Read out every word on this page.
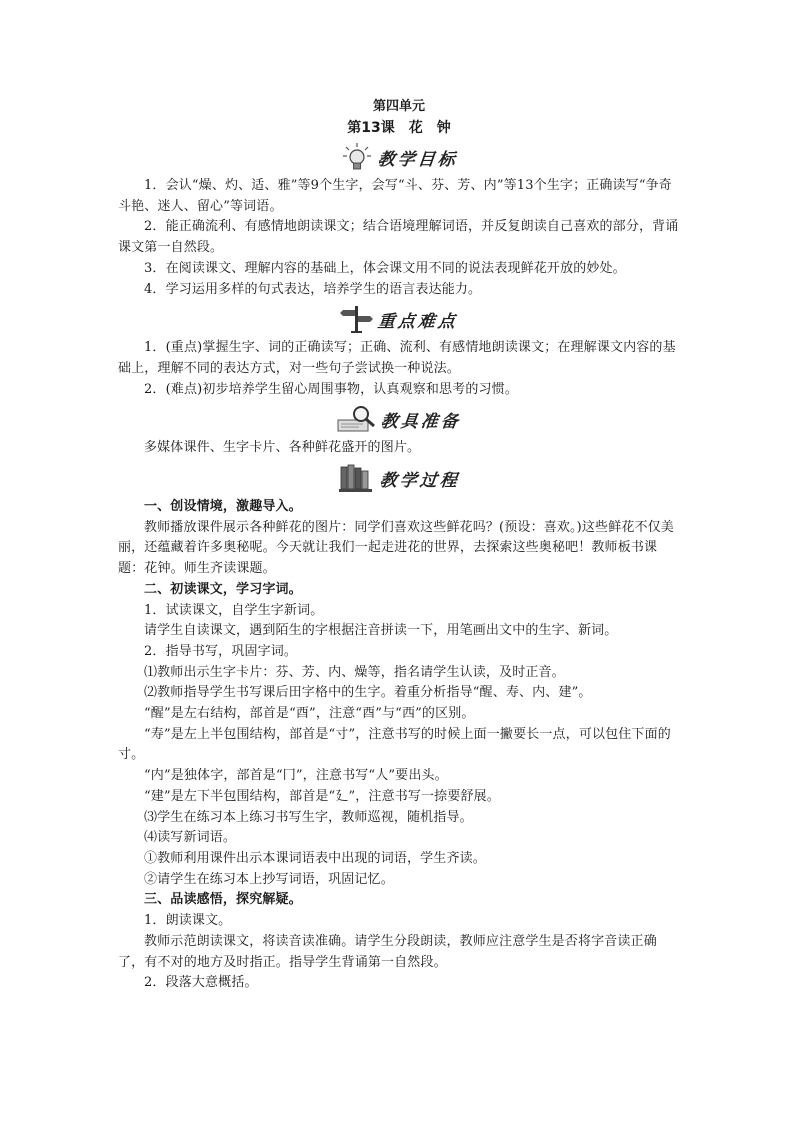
第四单元
第13课　花　钟
教学目标

1．会认“燥、灼、适、雅”等9个生字，会写“斗、芬、芳、内”等13个生字；正确读写“争奇斗艳、迷人、留心”等词语。

2．能正确流利、有感情地朗读课文；结合语境理解词语，并反复朗读自己喜欢的部分，背诵课文第一自然段。

3．在阅读课文、理解内容的基础上，体会课文用不同的说法表现鲜花开放的妙处。

4．学习运用多样的句式表达，培养学生的语言表达能力。

重点难点

1．(重点)掌握生字、词的正确读写；正确、流利、有感情地朗读课文；在理解课文内容的基础上，理解不同的表达方式，对一些句子尝试换一种说法。

2．(难点)初步培养学生留心周围事物，认真观察和思考的习惯。

教具准备

多媒体课件、生字卡片、各种鲜花盛开的图片。

教学过程

一、创设情境，激趣导入。

教师播放课件展示各种鲜花的图片：同学们喜欢这些鲜花吗？(预设：喜欢。)这些鲜花不仅美丽，还蕴藏着许多奥秘呢。今天就让我们一起走进花的世界，去探索这些奥秘吧！教师板书课题：花钟。师生齐读课题。

二、初读课文，学习字词。

1．试读课文，自学生字新词。

请学生自读课文，遇到陌生的字根据注音拼读一下，用笔画出文中的生字、新词。

2．指导书写，巩固字词。

⑴教师出示生字卡片：芬、芳、内、燥等，指名请学生认读，及时正音。

⑵教师指导学生书写课后田字格中的生字。着重分析指导“醒、寿、内、建”。

“醒”是左右结构，部首是“酉”，注意“酉”与“西”的区别。

“寿”是左上半包围结构，部首是“寸”，注意书写的时候上面一撇要长一点，可以包住下面的寸。

“内”是独体字，部首是“冂”，注意书写“人”要出头。

“建”是左下半包围结构，部首是“廴”，注意书写一捺要舒展。

⑶学生在练习本上练习书写生字，教师巡视，随机指导。

⑷读写新词语。

①教师利用课件出示本课词语表中出现的词语，学生齐读。

②请学生在练习本上抄写词语，巩固记忆。

三、品读感悟，探究解疑。

1．朗读课文。

教师示范朗读课文，将读音读准确。请学生分段朗读，教师应注意学生是否将字音读正确了，有不对的地方及时指正。指导学生背诵第一自然段。

2．段落大意概括。
